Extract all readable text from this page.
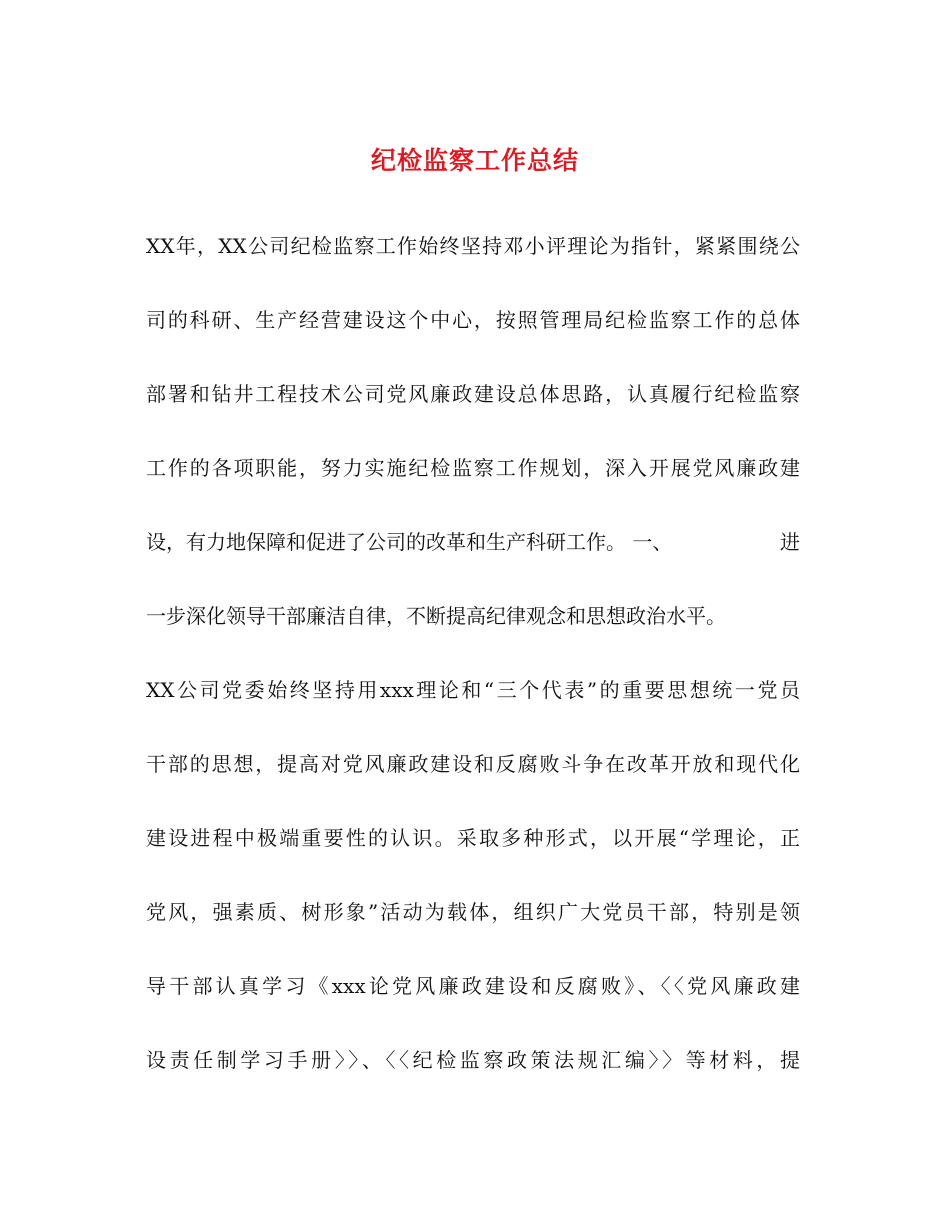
纪检监察工作总结
XX年，XX公司纪检监察工作始终坚持邓小评理论为指针，紧紧围绕公
司的科研、生产经营建设这个中心，按照管理局纪检监察工作的总体
部署和钻井工程技术公司党风廉政建设总体思路，认真履行纪检监察
工作的各项职能，努力实施纪检监察工作规划，深入开展党风廉政建
设，有力地保障和促进了公司的改革和生产科研工作。 一、	进
一步深化领导干部廉洁自律，不断提高纪律观念和思想政治水平。
XX公司党委始终坚持用xxx理论和“三个代表”的重要思想统一党员
干部的思想，提高对党风廉政建设和反腐败斗争在改革开放和现代化
建设进程中极端重要性的认识。采取多种形式，以开展“学理论，正
党风，强素质、树形象”活动为载体，组织广大党员干部，特别是领
导干部认真学习《xxx论党风廉政建设和反腐败》、〈〈党风廉政建
设责任制学习手册〉〉、〈〈纪检监察政策法规汇编〉〉等材料，提
